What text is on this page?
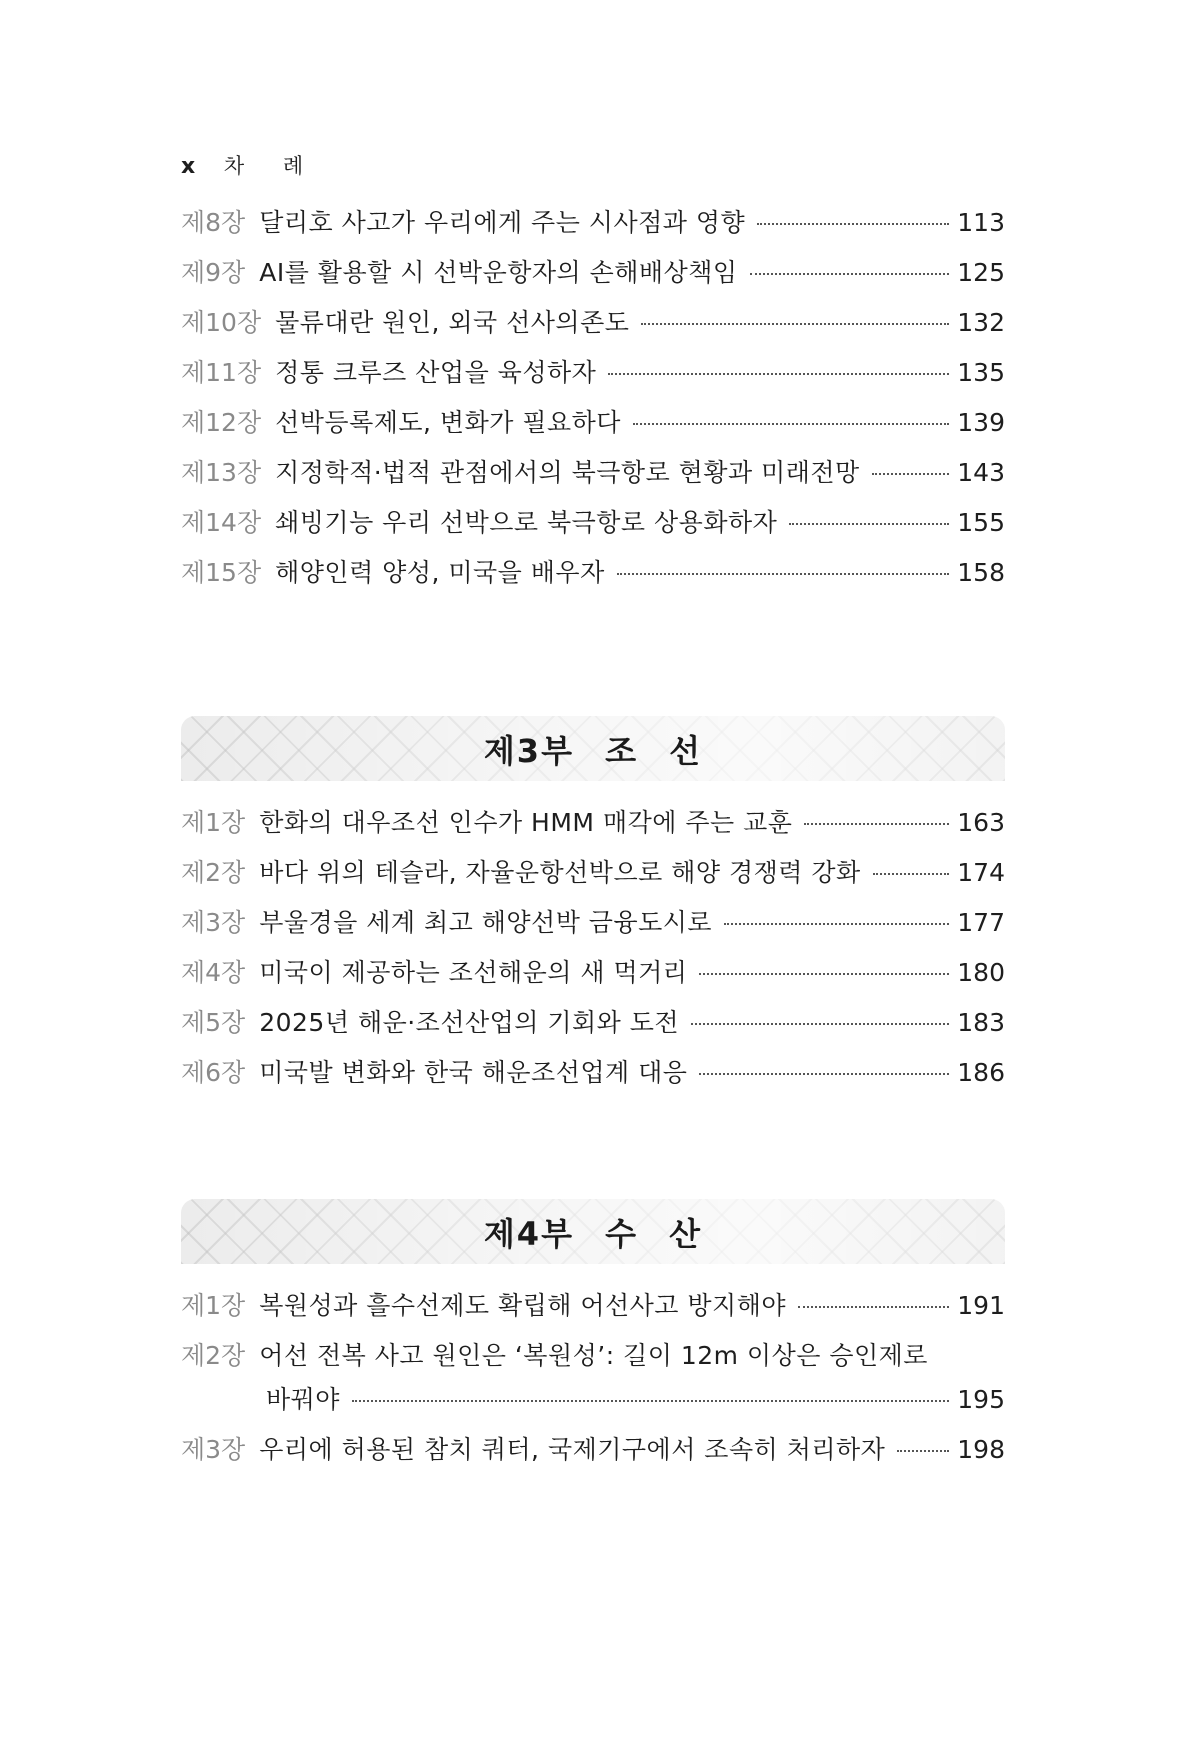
x 차 례
제8장 달리호 사고가 우리에게 주는 시사점과 영향	113
제9장 AI를 활용할 시 선박운항자의 손해배상책임	125
제10장 물류대란 원인, 외국 선사의존도	132
제11장 정통 크루즈 산업을 육성하자	135
제12장 선박등록제도, 변화가 필요하다	139
제13장 지정학적·법적 관점에서의 북극항로 현황과 미래전망	143
제14장 쇄빙기능 우리 선박으로 북극항로 상용화하자	155
제15장 해양인력 양성, 미국을 배우자	158
제3부 조 선
제1장 한화의 대우조선 인수가 HMM 매각에 주는 교훈	163
제2장 바다 위의 테슬라, 자율운항선박으로 해양 경쟁력 강화	174
제3장 부울경을 세계 최고 해양선박 금융도시로	177
제4장 미국이 제공하는 조선해운의 새 먹거리	180
제5장 2025년 해운·조선산업의 기회와 도전	183
제6장 미국발 변화와 한국 해운조선업계 대응	186
제4부 수 산
제1장 복원성과 흘수선제도 확립해 어선사고 방지해야	191
제2장 어선 전복 사고 원인은 ‘복원성’: 길이 12m 이상은 승인제로
바꿔야	195
제3장 우리에 허용된 참치 쿼터, 국제기구에서 조속히 처리하자	198
